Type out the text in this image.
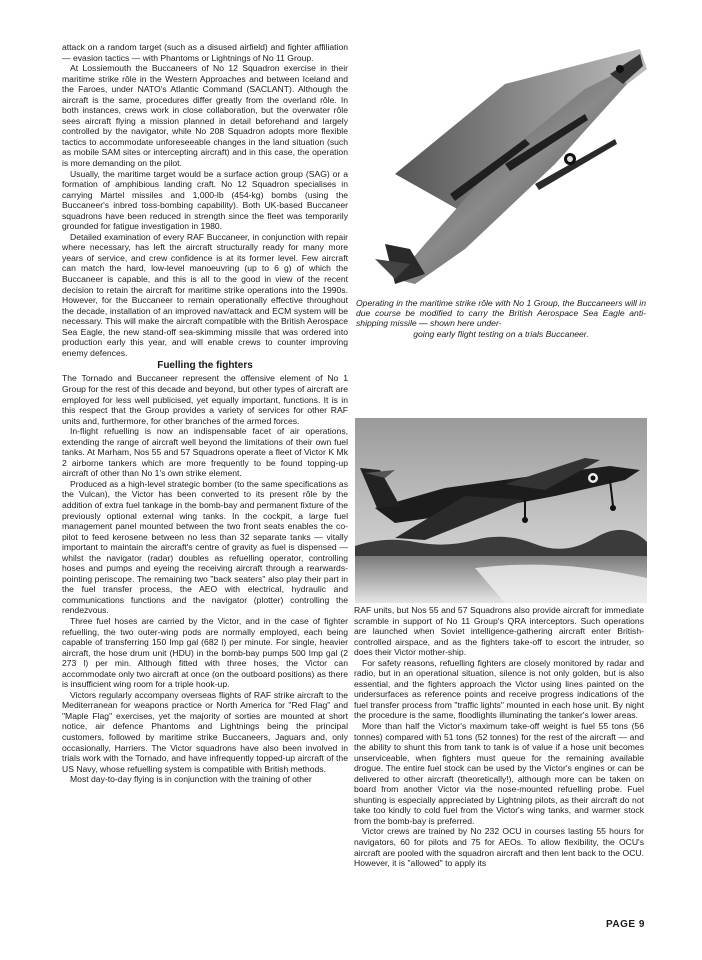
attack on a random target (such as a disused airfield) and fighter affiliation — evasion tactics — with Phantoms or Lightnings of No 11 Group.

At Lossiemouth the Buccaneers of No 12 Squadron exercise in their maritime strike rôle in the Western Approaches and between Iceland and the Faroes, under NATO's Atlantic Command (SACLANT). Although the aircraft is the same, procedures differ greatly from the overland rôle. In both instances, crews work in close collaboration, but the overwater rôle sees aircraft flying a mission planned in detail beforehand and largely controlled by the navigator, while No 208 Squadron adopts more flexible tactics to accommodate unforeseeable changes in the land situation (such as mobile SAM sites or intercepting aircraft) and in this case, the operation is more demanding on the pilot.

Usually, the maritime target would be a surface action group (SAG) or a formation of amphibious landing craft. No 12 Squadron specialises in carrying Martel missiles and 1,000-lb (454-kg) bombs (using the Buccaneer's inbred toss-bombing capability). Both UK-based Buccaneer squadrons have been reduced in strength since the fleet was temporarily grounded for fatigue investigation in 1980.

Detailed examination of every RAF Buccaneer, in conjunction with repair where necessary, has left the aircraft structurally ready for many more years of service, and crew confidence is at its former level. Few aircraft can match the hard, low-level manoeuvring (up to 6 g) of which the Buccaneer is capable, and this is all to the good in view of the recent decision to retain the aircraft for maritime strike operations into the 1990s. However, for the Buccaneer to remain operationally effective throughout the decade, installation of an improved nav/attack and ECM system will be necessary. This will make the aircraft compatible with the British Aerospace Sea Eagle, the new stand-off sea-skimming missile that was ordered into production early this year, and will enable crews to counter improving enemy defences.

Fuelling the fighters

The Tornado and Buccaneer represent the offensive element of No 1 Group for the rest of this decade and beyond, but other types of aircraft are employed for less well publicised, yet equally important, functions. It is in this respect that the Group provides a variety of services for other RAF units and, furthermore, for other branches of the armed forces.

In-flight refuelling is now an indispensable facet of air operations, extending the range of aircraft well beyond the limitations of their own fuel tanks. At Marham, Nos 55 and 57 Squadrons operate a fleet of Victor K Mk 2 airborne tankers which are more frequently to be found topping-up aircraft of other than No 1's own strike element.

Produced as a high-level strategic bomber (to the same specifications as the Vulcan), the Victor has been converted to its present rôle by the addition of extra fuel tankage in the bomb-bay and permanent fixture of the previously optional external wing tanks. In the cockpit, a large fuel management panel mounted between the two front seats enables the co-pilot to feed kerosene between no less than 32 separate tanks — vitally important to maintain the aircraft's centre of gravity as fuel is dispensed — whilst the navigator (radar) doubles as refuelling operator, controlling hoses and pumps and eyeing the receiving aircraft through a rearwards-pointing periscope. The remaining two "back seaters" also play their part in the fuel transfer process, the AEO with electrical, hydraulic and communications functions and the navigator (plotter) controlling the rendezvous.

Three fuel hoses are carried by the Victor, and in the case of fighter refuelling, the two outer-wing pods are normally employed, each being capable of transferring 150 Imp gal (682 l) per minute. For single, heavier aircraft, the hose drum unit (HDU) in the bomb-bay pumps 500 Imp gal (2 273 l) per min. Although fitted with three hoses, the Victor can accommodate only two aircraft at once (on the outboard positions) as there is insufficient wing room for a triple hook-up.

Victors regularly accompany overseas flights of RAF strike aircraft to the Mediterranean for weapons practice or North America for "Red Flag" and "Maple Flag" exercises, yet the majority of sorties are mounted at short notice, air defence Phantoms and Lightnings being the principal customers, followed by maritime strike Buccaneers, Jaguars and, only occasionally, Harriers. The Victor squadrons have also been involved in trials work with the Tornado, and have infrequently topped-up aircraft of the US Navy, whose refuelling system is compatible with British methods.

Most day-to-day flying is in conjunction with the training of other

Operating in the maritime strike rôle with No 1 Group, the Buccaneers will in due course be modified to carry the British Aerospace Sea Eagle anti-shipping missile — shown here under-
going early flight testing on a trials Buccaneer.

RAF units, but Nos 55 and 57 Squadrons also provide aircraft for immediate scramble in support of No 11 Group's QRA interceptors. Such operations are launched when Soviet intelligence-gathering aircraft enter British-controlled airspace, and as the fighters take-off to escort the intruder, so does their Victor mother-ship.

For safety reasons, refuelling fighters are closely monitored by radar and radio, but in an operational situation, silence is not only golden, but is also essential, and the fighters approach the Victor using lines painted on the undersurfaces as reference points and receive progress indications of the fuel transfer process from "traffic lights" mounted in each hose unit. By night the procedure is the same, floodlights illuminating the tanker's lower areas.

More than half the Victor's maximum take-off weight is fuel 55 tons (56 tonnes) compared with 51 tons (52 tonnes) for the rest of the aircraft — and the ability to shunt this from tank to tank is of value if a hose unit becomes unserviceable, when fighters must queue for the remaining available drogue. The entire fuel stock can be used by the Victor's engines or can be delivered to other aircraft (theoretically!), although more can be taken on board from another Victor via the nose-mounted refuelling probe. Fuel shunting is especially appreciated by Lightning pilots, as their aircraft do not take too kindly to cold fuel from the Victor's wing tanks, and warmer stock from the bomb-bay is preferred.

Victor crews are trained by No 232 OCU in courses lasting 55 hours for navigators, 60 for pilots and 75 for AEOs. To allow flexibility, the OCU's aircraft are pooled with the squadron aircraft and then lent back to the OCU. However, it is "allowed" to apply its

PAGE 9
